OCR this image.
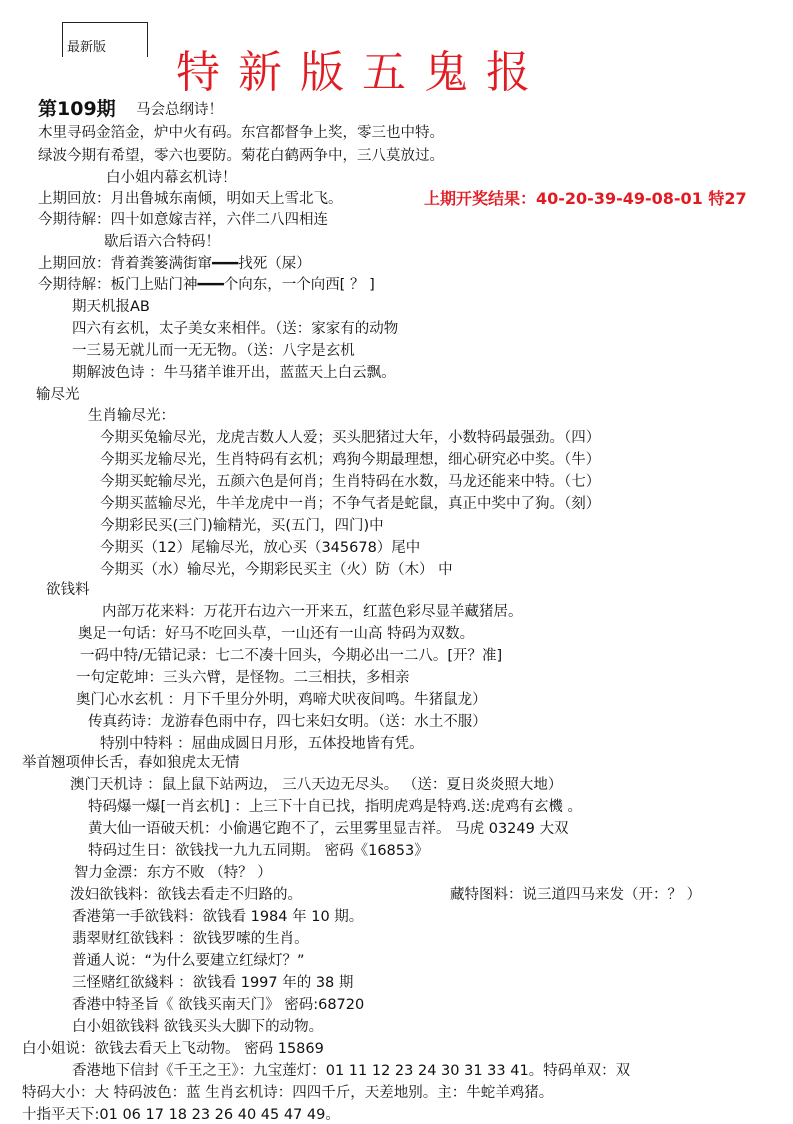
最新版 特新版五鬼报
第109期
上期开奖结果：40-20-39-49-08-01 特27
马会总纲诗！
木里寻码金箔金，炉中火有码。东宫都督争上奖，零三也中特。
绿波今期有希望，零六也要防。菊花白鹤两争中，三八莫放过。
白小姐内幕玄机诗！
上期回放：月出鲁城东南倾，明如天上雪北飞。
今期待解：四十如意嫁吉祥，六伴二八四相连
歇后语六合特码！
上期回放：背着粪篓满街窜━━━找死（屎）
今期待解：板门上贴门神━━━个向东，一个向西[ ？ ]
期天机报AB
四六有玄机，太子美女来相伴。（送：家家有的动物
一三易无就儿而一无无物。（送：八字是玄机
期解波色诗 ：牛马猪羊谁开出，蓝蓝天上白云飘。
输尽光
生肖输尽光：
今期买兔输尽光，龙虎吉数人人爱；买头肥猪过大年，小数特码最强劲。（四）
今期买龙输尽光，生肖特码有玄机；鸡狗今期最理想，细心研究必中奖。（牛）
今期买蛇输尽光，五颜六色是何肖；生肖特码在水数，马龙还能来中特。（七）
今期买蓝输尽光，牛羊龙虎中一肖；不争气者是蛇鼠，真正中奖中了狗。（刻）
今期彩民买(三门)输精光，买(五门，四门)中
今期买（12）尾输尽光，放心买（345678）尾中
今期买（水）输尽光，今期彩民买主（火）防（木） 中
欲钱料
内部万花来料：万花开右边六一开来五，红蓝色彩尽显羊藏猪居。
奥足一句话：好马不吃回头草，一山还有一山高 特码为双数。
一码中特/无错记录：七二不凑十回头，今期必出一二八。[开？准]
一句定乾坤：三头六臂，是怪物。二三相扶，多相亲
奥门心水玄机 ：月下千里分外明，鸡啼犬吠夜间鸣。牛猪鼠龙）
传真药诗：龙游春色雨中存，四七来妇女明。（送：水土不服）
特别中特料 ：屈曲成圆日月形，五体投地皆有凭。
举首翘项伸长舌，春如狼虎太无情
澳门天机诗 ：鼠上鼠下站两边， 三八天边无尽头。 （送：夏日炎炎照大地）
特码爆一爆[一肖玄机] ：上三下十自已找，指明虎鸡是特鸡.送:虎鸡有玄機 。
黄大仙一语破天机：小偷遇它跑不了，云里雾里显吉祥。 马虎 03249 大双
特码过生日：欲钱找一九九五同期。 密码《16853》
智力金漂：东方不败 （特？ ）
泼妇欲钱料：欲钱去看走不归路的。	藏特图料：说三道四马来发（开：？ ）
香港第一手欲钱料：欲钱看 1984 年 10 期。
翡翠财红欲钱料 ：欲钱罗嗦的生肖。
普通人说：“为什么要建立红绿灯？”
三怪赌红欲綫料 ：欲钱看 1997 年的 38 期
香港中特圣旨《 欲钱买南天门》 密码:68720
白小姐欲钱料 欲钱买头大脚下的动物。
白小姐说：欲钱去看天上飞动物。 密码 15869
香港地下信封《千王之王》：九宝莲灯：01 11 12 23 24 30 31 33 41。特码单双：双
特码大小：大 特码波色：蓝 生肖玄机诗：四四千斤，天差地别。主：牛蛇羊鸡猪。
十指平天下:01 06 17 18 23 26 40 45 47 49。
